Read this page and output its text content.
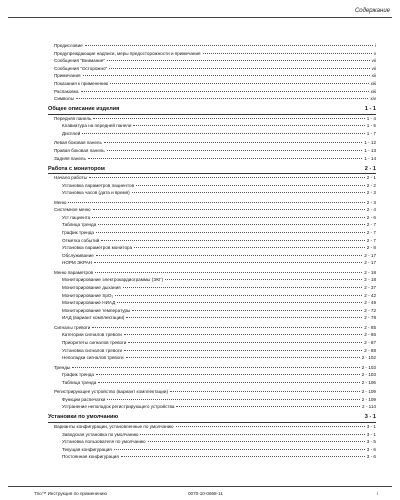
Содержание
Предисловие	i
Предупреждающие надписи, меры предосторожности и примечания	v
Сообщения "Внимание"	vii
Сообщения "Осторожно"	vii
Примечания	xii
Показания к применению	xiii
Распаковка	xiii
Символы	xiv
Общее описание изделия	1 - 1
Передняя панель	1 - 4
Клавиатура на передней панели	1 - 5
Дисплей	1 - 7
Левая боковая панель	1 - 12
Правая боковая панель	1 - 13
Задняя панель	1 - 14
Работа с монитором	2 - 1
Начало работы	2 - 1
Установка параметров пациентов	2 - 2
Установка часов (дата и время)	2 - 3
Меню	2 - 3
Системное меню	2 - 4
Уст пациента	2 - 6
Таблица тренда	2 - 7
График тренда	2 - 7
Отметка событий	2 - 7
Установка параметров монитора	2 - 8
Обслуживание	2 - 17
НОРМ ЭКРАН	2 - 17
Меню параметров	2 - 18
Мониторирование электрокардиограммы (ЭКГ)	2 - 18
Мониторирование дыхания	2 - 37
Мониторирование SpO₂	2 - 42
Мониторирование НИАД	2 - 49
Мониторирование температуры	2 - 72
ИАД (вариант комплектации)	2 - 78
Сигналы тревоги	2 - 85
Категории сигналов тревоги	2 - 86
Приоритеты сигналов тревоги	2 - 87
Установка сигналов тревоги	2 - 88
Неполадки сигналов тревоги	2 - 102
Тренды	2 - 103
График тренда	2 - 103
Таблица тренда	2 - 106
Регистрирующее устройство (вариант комплектации)	2 - 109
Функции распечатки	2 - 109
Устранение неполадок регистрирующего устройства	2 - 114
Установки по умолчанию	3 - 1
Варианты конфигурации, установленные по умолчанию	3 - 1
Заводская установка по умолчанию	3 - 1
Установка пользователя по умолчанию	3 - 5
Текущая конфигурация	3 - 6
Постоянная конфигурация	3 - 6
Trio™ Инструкция по применению	0070-10-0668-11	i
